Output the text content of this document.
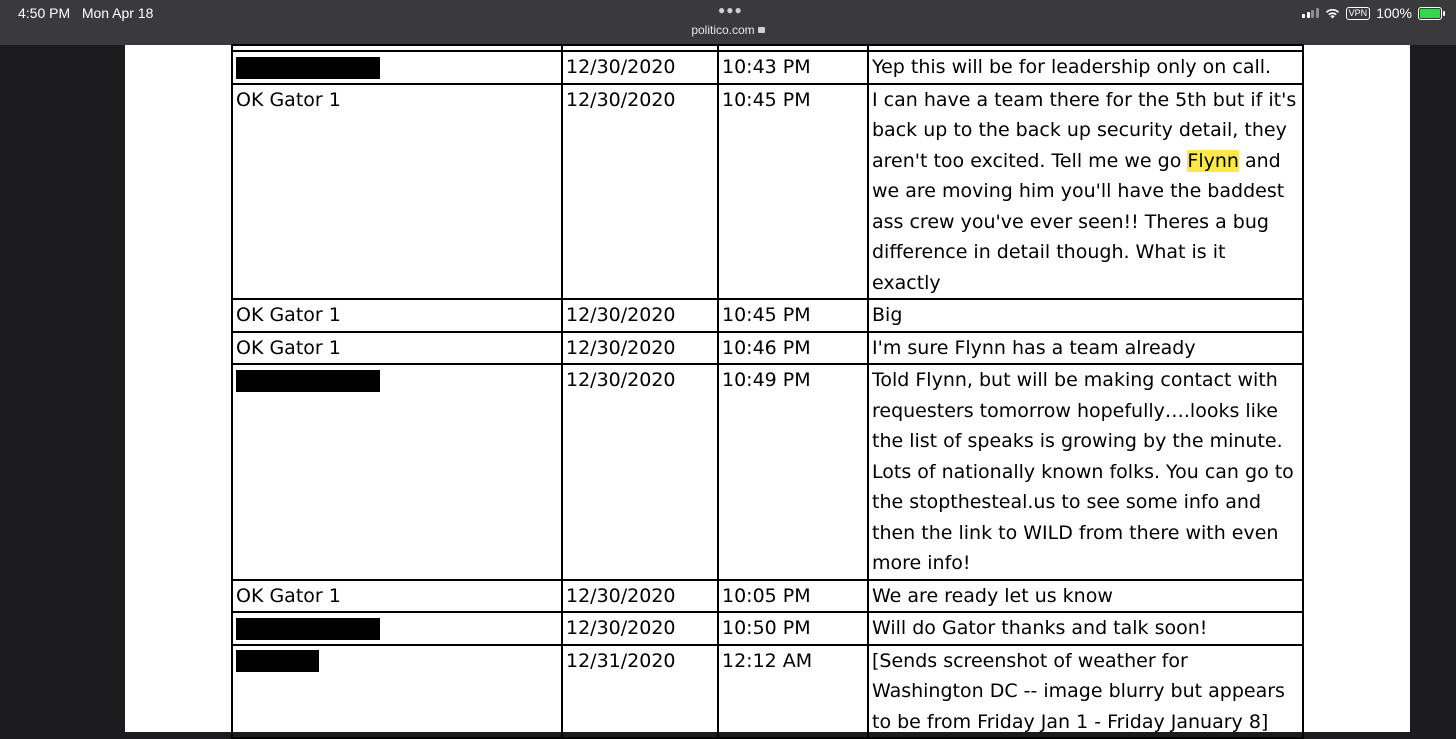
4:50 PM Mon Apr 18	●●●
politico.com
VPN 100%

	12/30/2020	10:43 PM	Yep this will be for leadership only on call.
OK Gator 1	12/30/2020	10:45 PM	I can have a team there for the 5th but if it's back up to the back up security detail, they aren't too excited. Tell me we go Flynn and we are moving him you'll have the baddest ass crew you've ever seen!! Theres a bug difference in detail though. What is it exactly
OK Gator 1	12/30/2020	10:45 PM	Big
OK Gator 1	12/30/2020	10:46 PM	I'm sure Flynn has a team already
	12/30/2020	10:49 PM	Told Flynn, but will be making contact with requesters tomorrow hopefully….looks like the list of speaks is growing by the minute. Lots of nationally known folks. You can go to the stopthesteal.us to see some info and then the link to WILD from there with even more info!
OK Gator 1	12/30/2020	10:05 PM	We are ready let us know
	12/30/2020	10:50 PM	Will do Gator thanks and talk soon!
	12/31/2020	12:12 AM	[Sends screenshot of weather for Washington DC -- image blurry but appears to be from Friday Jan 1 - Friday January 8]
